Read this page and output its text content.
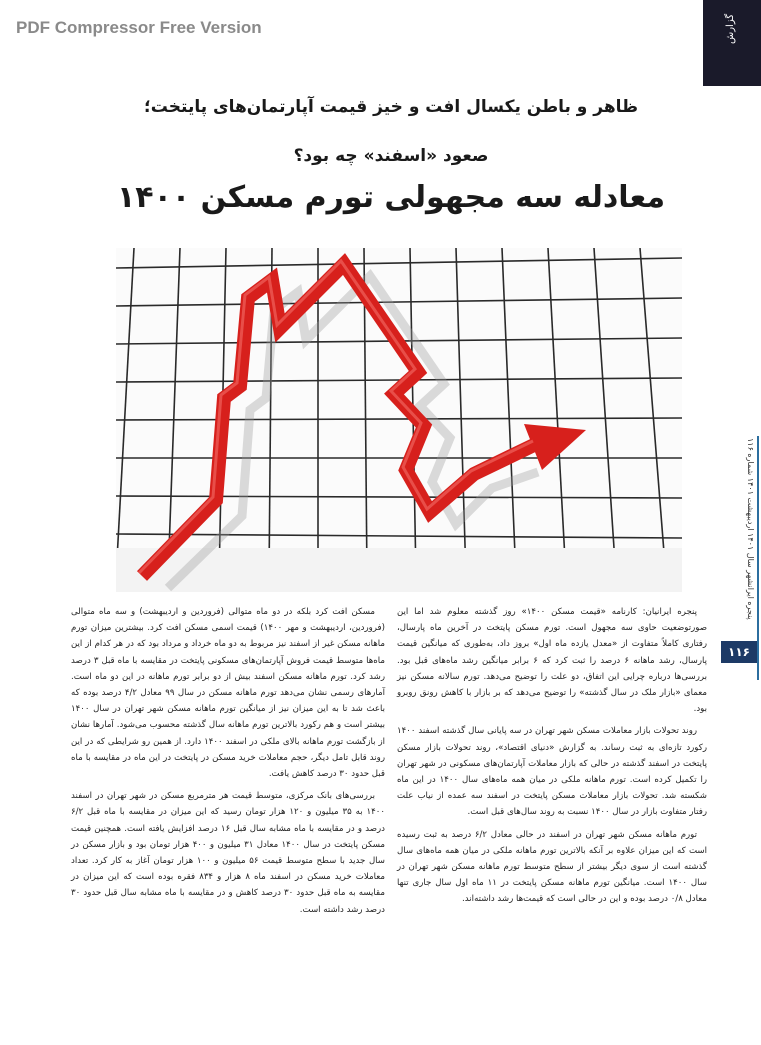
PDF Compressor Free Version	گزارش
ظاهر و باطن یکسال افت و خیز قیمت آپارتمان‌های پایتخت؛
صعود «اسفند» چه بود؟
معادله سه مجهولی تورم مسکن ۱۴۰۰
پنجره ایرانشهر سال ۱۴۰۱ اردیبهشت ۱۴۰۱ شماره ۱۱۶
۱۱۶

پنجره ایرانیان: کارنامه «قیمت مسکن ۱۴۰۰» روز گذشته معلوم شد اما این صورتوضعیت حاوی سه مجهول است. تورم مسکن پایتخت در آخرین ماه پارسال، رفتاری کاملاً متفاوت از «معدل یازده ماه اول» بروز داد، به‌طوری که میانگین قیمت پارسال، رشد ماهانه ۶ درصد را ثبت کرد که ۶ برابر میانگین رشد ماه‌های قبل بود. بررسی‌ها درباره چرایی این اتفاق، دو علت را توضیح می‌دهد. تورم سالانه مسکن نیز معمای «بازار ملک در سال گذشته» را توضیح می‌دهد که بر بازار با کاهش رونق روبرو بود.

روند تحولات بازار معاملات مسکن شهر تهران در سه پایانی سال گذشته اسفند ۱۴۰۰ رکورد تازه‌ای به ثبت رساند. به گزارش «دنیای اقتصاد»، روند تحولات بازار مسکن پایتخت در اسفند گذشته در حالی که بازار معاملات آپارتمان‌های مسکونی در شهر تهران را تکمیل کرده است. تورم ماهانه ملکی در میان همه ماه‌های سال ۱۴۰۰ در این ماه شکسته شد. تحولات بازار معاملات مسکن پایتخت در اسفند سه عمده از نیاب علت رفتار متفاوت بازار در سال ۱۴۰۰ نسبت به روند سال‌های قبل است.

تورم ماهانه مسکن شهر تهران در اسفند در حالی معادل ۶/۲ درصد به ثبت رسیده است که این میزان علاوه بر آنکه بالاترین تورم ماهانه ملکی در میان همه ماه‌های سال گذشته است از سوی دیگر بیشتر از سطح متوسط تورم ماهانه مسکن شهر تهران در سال ۱۴۰۰ است. میانگین تورم ماهانه مسکن پایتخت در ۱۱ ماه اول سال جاری تنها معادل ۰/۸ درصد بوده و این در حالی است که قیمت‌ها رشد داشته‌اند.

مسکن افت کرد بلکه در دو ماه متوالی (فروردین و اردیبهشت) و سه ماه متوالی (فروردین، اردیبهشت و مهر ۱۴۰۰) قیمت اسمی مسکن افت کرد. بیشترین میزان تورم ماهانه مسکن غیر از اسفند نیز مربوط به دو ماه خرداد و مرداد بود که در هر کدام از این ماه‌ها متوسط قیمت فروش آپارتمان‌های مسکونی پایتخت در مقایسه با ماه قبل ۳ درصد رشد کرد. تورم ماهانه مسکن اسفند بیش از دو برابر تورم ماهانه در این دو ماه است. آمارهای رسمی نشان می‌دهد تورم ماهانه مسکن در سال ۹۹ معادل ۴/۲ درصد بوده که باعث شد تا به این میزان نیز از میانگین تورم ماهانه مسکن شهر تهران در سال ۱۴۰۰ بیشتر است و هم رکورد بالاترین تورم ماهانه سال گذشته محسوب می‌شود. آمارها نشان از بازگشت تورم ماهانه بالای ملکی در اسفند ۱۴۰۰ دارد. از همین رو شرایطی که در این روند قابل تامل دیگر، حجم معاملات خرید مسکن در پایتخت در این ماه در مقایسه با ماه قبل حدود ۳۰ درصد کاهش یافت.

بررسی‌های بانک مرکزی، متوسط قیمت هر مترمربع مسکن در شهر تهران در اسفند ۱۴۰۰ به ۳۵ میلیون و ۱۲۰ هزار تومان رسید که این میزان در مقایسه با ماه قبل ۶/۲ درصد و در مقایسه با ماه مشابه سال قبل ۱۶ درصد افزایش یافته است. همچنین قیمت مسکن پایتخت در سال ۱۴۰۰ معادل ۳۱ میلیون و ۴۰۰ هزار تومان بود و بازار مسکن در سال جدید با سطح متوسط قیمت ۵۶ میلیون و ۱۰۰ هزار تومان آغاز به کار کرد. تعداد معاملات خرید مسکن در اسفند ماه ۸ هزار و ۸۳۴ فقره بوده است که این میزان در مقایسه به ماه قبل حدود ۳۰ درصد کاهش و در مقایسه با ماه مشابه سال قبل حدود ۳۰ درصد رشد داشته است.
